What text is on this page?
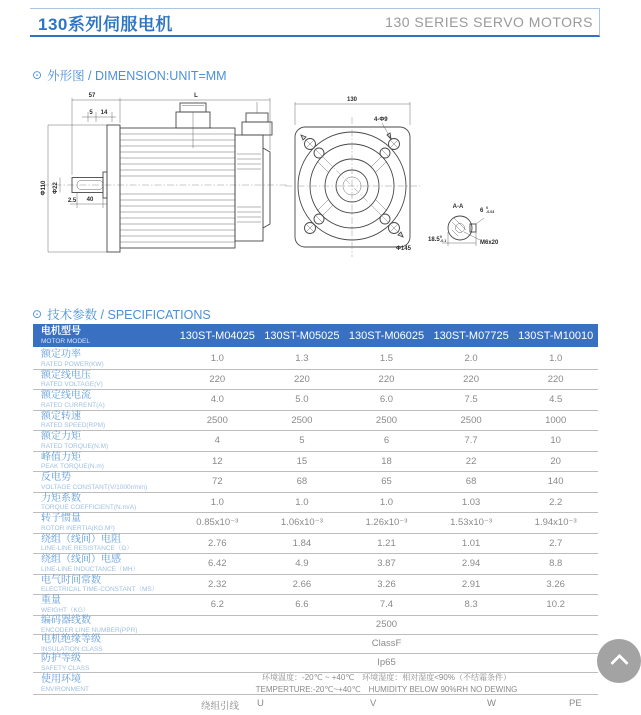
130系列伺服电机	130 SERIES SERVO MOTORS
⊙ 外形图 / DIMENSION:UNIT=MM
57	L
5 14
Φ110 Φ22
2.5 40
130
4-Φ9
Φ145
A-A
6 0
-0.03
18.5 0
-0.1	M6x20
⊙ 技术参数 / SPECIFICATIONS
电机型号
MOTOR MODEL	130ST-M04025 130ST-M05025 130ST-M06025 130ST-M07725 130ST-M10010
额定功率
RATED POWER(KW)
1.0	1.3	1.5	2.0	1.0
额定线电压
RATED VOLTAGE(V)
220	220	220	220	220
额定线电流
RATED CURRENT(A)
4.0	5.0	6.0	7.5	4.5
额定转速
RATED SPEED(RPM)
2500	2500	2500	2500	1000
额定力矩
RATED TORQUE(N.M)
4	5	6	7.7	10
峰值力矩
PEAK TORQUE(N.m)
12	15	18	22	20
反电势
VOLTAGE CONSTANT(V/1000r/min)
72	68	65	68	140
力矩系数
TORQUE COEFFICIENT(N.m/A)
1.0	1.0	1.0	1.03	2.2
转子惯量
ROTOR INERTIA(KG.M²)
0.85x10⁻³	1.06x10⁻³	1.26x10⁻³	1.53x10⁻³	1.94x10⁻³
绕组（线间）电阻
LINE-LINE RESISTANCE（Ω）
2.76	1.84	1.21	1.01	2.7
绕组（线间）电感
LINE-LINE INDUCTANCE（MH）
6.42	4.9	3.87	2.94	8.8
电气时间常数
ELECTRICAL TIME-CONSTANT（MS）
2.32	2.66	3.26	2.91	3.26
重量
WEIGHT（KG）
6.2	6.6	7.4	8.3	10.2
编码器线数
ENCODER LINE NUMBER(PPR)
2500
电机绝缘等级
INSULATION CLASS
ClassF
防护等级
SAFETY CLASS
Ip65
使用环境
ENVIRONMENT
环境温度：-20℃ ~ +40℃　环境湿度：相对湿度<90%（不结霜条件）
TEMPERTURE:-20℃~+40℃　HUMIDITY BELOW 90%RH NO DEWING
绕组引线 U	V	W	PE
